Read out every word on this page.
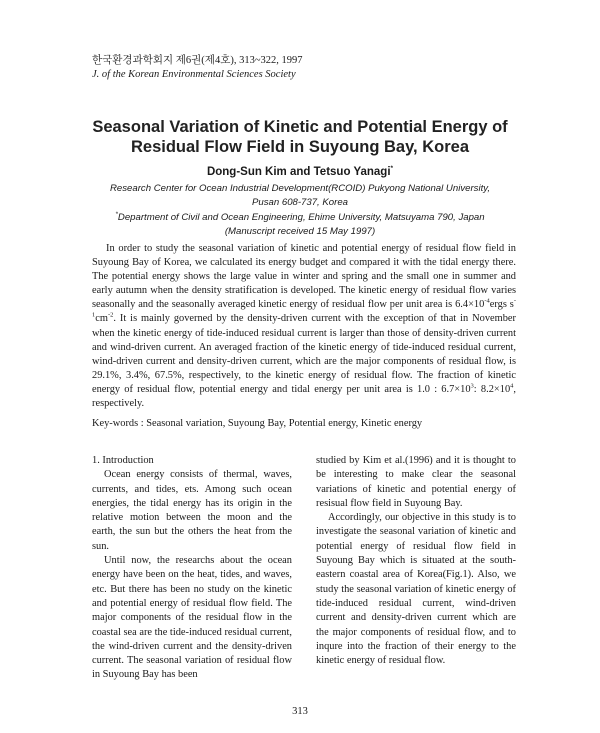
한국환경과학회지 제6권(제4호), 313~322, 1997
J. of the Korean Environmental Sciences Society
Seasonal Variation of Kinetic and Potential Energy of
Residual Flow Field in Suyoung Bay, Korea
Dong-Sun Kim and Tetsuo Yanagi*
Research Center for Ocean Industrial Development(RCOID) Pukyong National University,
Pusan 608-737, Korea
*Department of Civil and Ocean Engineering, Ehime University, Matsuyama 790, Japan
(Manuscript received 15 May 1997)
In order to study the seasonal variation of kinetic and potential energy of residual flow field in Suyoung Bay of Korea, we calculated its energy budget and compared it with the tidal energy there. The potential energy shows the large value in winter and spring and the small one in summer and early autumn when the density stratification is developed. The kinetic energy of residual flow varies seasonally and the seasonally averaged kinetic energy of residual flow per unit area is $6.4\times 10^{-4}ergs$ $s^{-1}cm^{-2}$. It is mainly governed by the density-driven current with the exception of that in November when the kinetic energy of tide-induced residual current is larger than those of density-driven current and wind-driven current. An averaged fraction of the kinetic energy of tide-induced residual current, wind-driven current and density-driven current, which are the major components of residual flow, is 29.1%, 3.4%, 67.5%, respectively, to the kinetic energy of residual flow. The fraction of kinetic energy of residual flow, potential energy and tidal energy per unit area is 1.0 : $6.7\times 10^3$: $8.2\times 10^4$, respectively.
Key-words : Seasonal variation, Suyoung Bay, Potential energy, Kinetic energy

1. Introduction

Ocean energy consists of thermal, waves, currents, and tides, ets. Among such ocean energies, the tidal energy has its origin in the relative motion between the moon and the earth, the sun but the others the heat from the sun.

Until now, the researchs about the ocean energy have been on the heat, tides, and waves, etc. But there has been no study on the kinetic and potential energy of residual flow field. The major components of the residual flow in the coastal sea are the tide-induced residual current, the wind-driven current and the density-driven current. The seasonal variation of residual flow in Suyoung Bay has been

studied by Kim et al.(1996) and it is thought to be interesting to make clear the seasonal variations of kinetic and potential energy of resisual flow field in Suyoung Bay.

Accordingly, our objective in this study is to investigate the seasonal variation of kinetic and potential energy of residual flow field in Suyoung Bay which is situated at the south-eastern coastal area of Korea(Fig.1). Also, we study the seasonal variation of kinetic energy of tide-induced residual current, wind-driven current and density-driven current which are the major components of residual flow, and to inqure into the fraction of their energy to the kinetic energy of residual flow.

313
